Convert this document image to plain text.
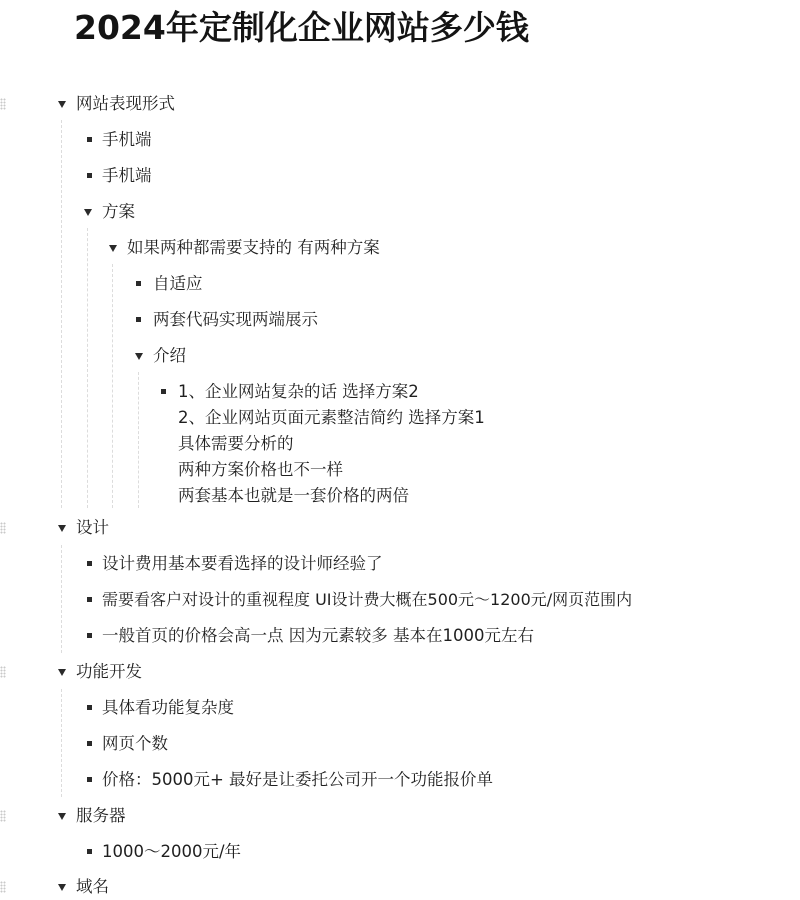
2024年定制化企业网站多少钱
网站表现形式
手机端
手机端
方案
如果两种都需要支持的 有两种方案
自适应
两套代码实现两端展示
介绍
1、企业网站复杂的话 选择方案2
2、企业网站页面元素整洁简约 选择方案1
具体需要分析的
两种方案价格也不一样
两套基本也就是一套价格的两倍
设计
设计费用基本要看选择的设计师经验了
需要看客户对设计的重视程度 UI设计费大概在500元～1200元/网页范围内
一般首页的价格会高一点 因为元素较多 基本在1000元左右
功能开发
具体看功能复杂度
网页个数
价格：5000元+ 最好是让委托公司开一个功能报价单
服务器
1000～2000元/年
域名
